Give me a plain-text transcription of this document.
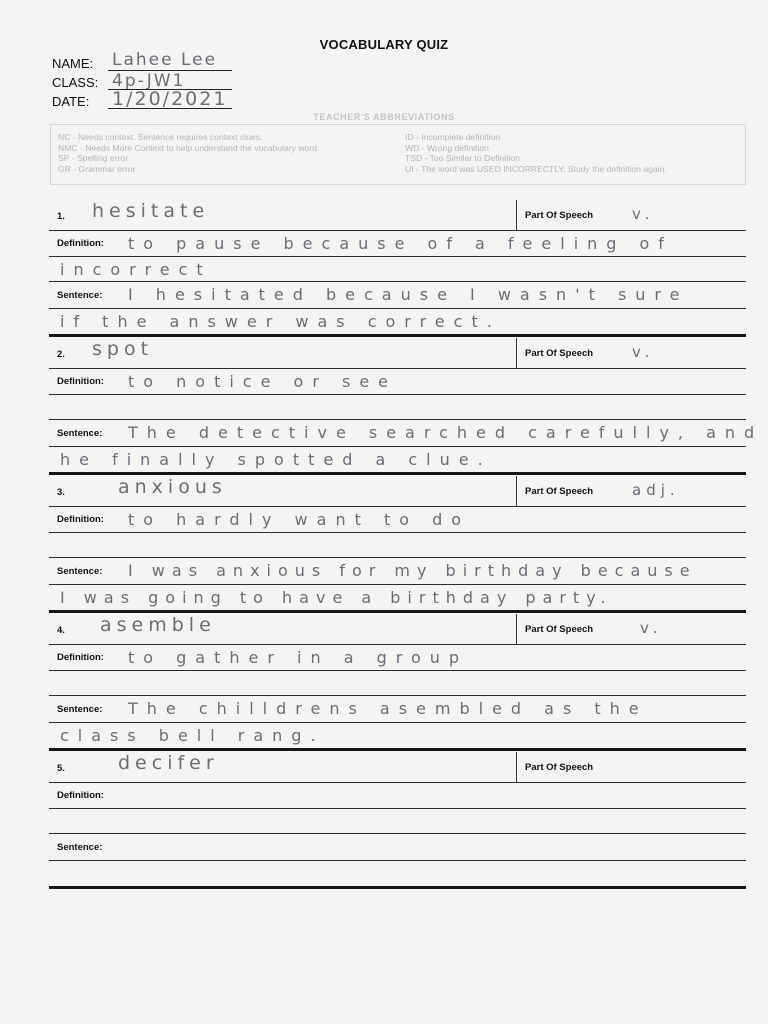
VOCABULARY QUIZ
NAME: Lahee Lee
CLASS: 4p-JW1
DATE: 1/20/2021
TEACHER'S ABBREVIATIONS
NC - Needs context. Sentence requires context clues.
NMC - Needs More Context to help understand the vocabulary word.
SP - Spelling error
GR - Grammar error
ID - Incomplete definition
WD - Wrong definition
TSD - Too Similar to Definition
UI - The word was USED INCORRECTLY. Study the definition again.
1. hesitate	Part Of Speech	v.
Definition: to pause because of a feeling of
incorrect
Sentence: I hesitated because I wasn't sure
if the answer was correct.
2. spot	Part Of Speech	v.
Definition: to notice or see
Sentence: The detective searched carefully, and
he finally spotted a clue.
3.	anxious	Part Of Speech	adj.
Definition: to hardly want to do
Sentence: I was anxious for my birthday because
I was going to have a birthday party.
4. asemble	Part Of Speech	v.
Definition: to gather in a group
Sentence: The chilldrens asembled as the
class bell rang.
5.	decifer	Part Of Speech
Definition:
Sentence:
